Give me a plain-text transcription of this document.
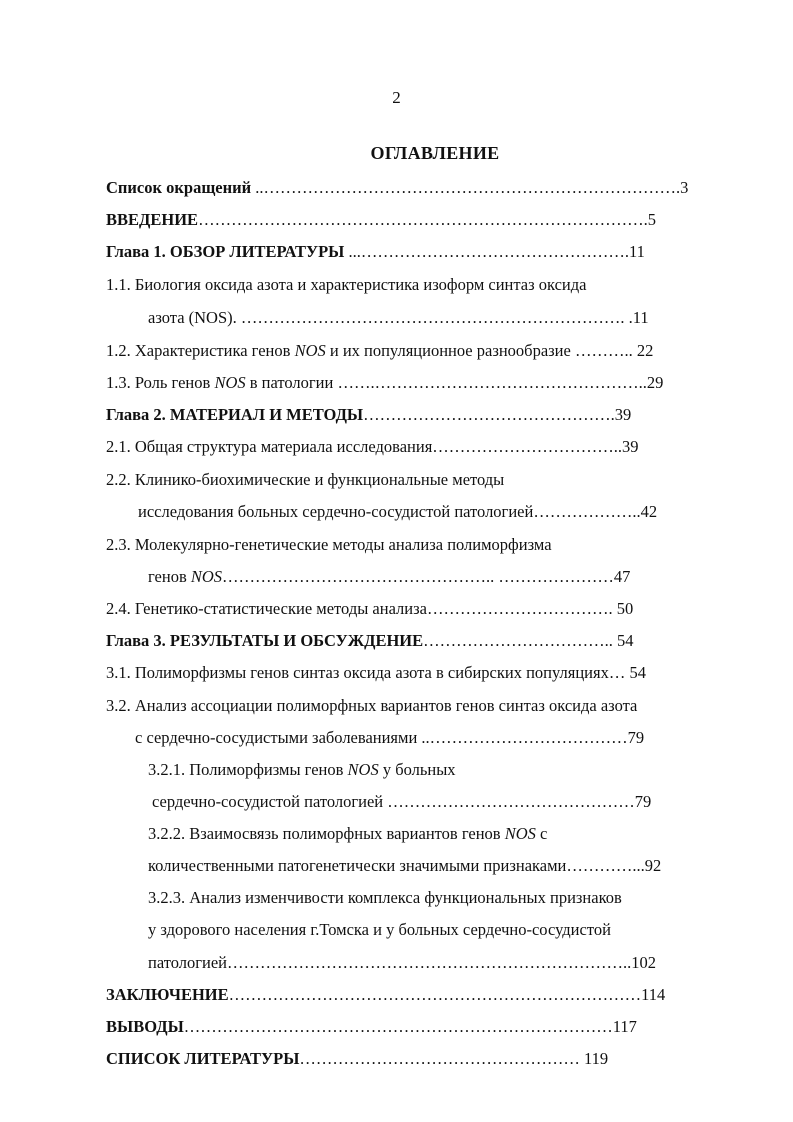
2
ОГЛАВЛЕНИЕ
Список окращений ..………………………………………………………………….3
ВВЕДЕНИЕ……………………………………………………………………….5
Глава 1. ОБЗОР ЛИТЕРАТУРЫ ...………………………………………….11
1.1. Биология оксида азота и характеристика изоформ синтаз оксида
азота (NOS). ……………………………………………………………. .11
1.2. Характеристика генов NOS и их популяционное разнообразие ……….. 22
1.3. Роль генов NOS в патологии …….…………………………………………..29
Глава 2. МАТЕРИАЛ И МЕТОДЫ……………………………………….39
2.1. Общая структура материала исследования……………………………..39
2.2. Клинико-биохимические и функциональные методы
исследования больных сердечно-сосудистой патологией………………..42
2.3. Молекулярно-генетические методы анализа полиморфизма
генов NOS………………………………………….. …………………47
2.4. Генетико-статистические методы анализа……………………………. 50
Глава 3. РЕЗУЛЬТАТЫ И ОБСУЖДЕНИЕ…………………………….. 54
3.1. Полиморфизмы генов синтаз оксида азота в сибирских популяциях… 54
3.2. Анализ ассоциации полиморфных вариантов генов синтаз оксида азота
с сердечно-сосудистыми заболеваниями ..………………………………79
3.2.1. Полиморфизмы генов NOS у больных
сердечно-сосудистой патологией ………………………………………79
3.2.2. Взаимосвязь полиморфных вариантов генов NOS с
количественными патогенетически значимыми признаками…………...92
3.2.3. Анализ изменчивости комплекса функциональных признаков
у здорового населения г.Томска и у больных сердечно-сосудистой
патологией………………………………………………………………..102
ЗАКЛЮЧЕНИЕ…………………………………………………………………114
ВЫВОДЫ……………………………………………………………………117
СПИСОК ЛИТЕРАТУРЫ…………………………………………… 119
